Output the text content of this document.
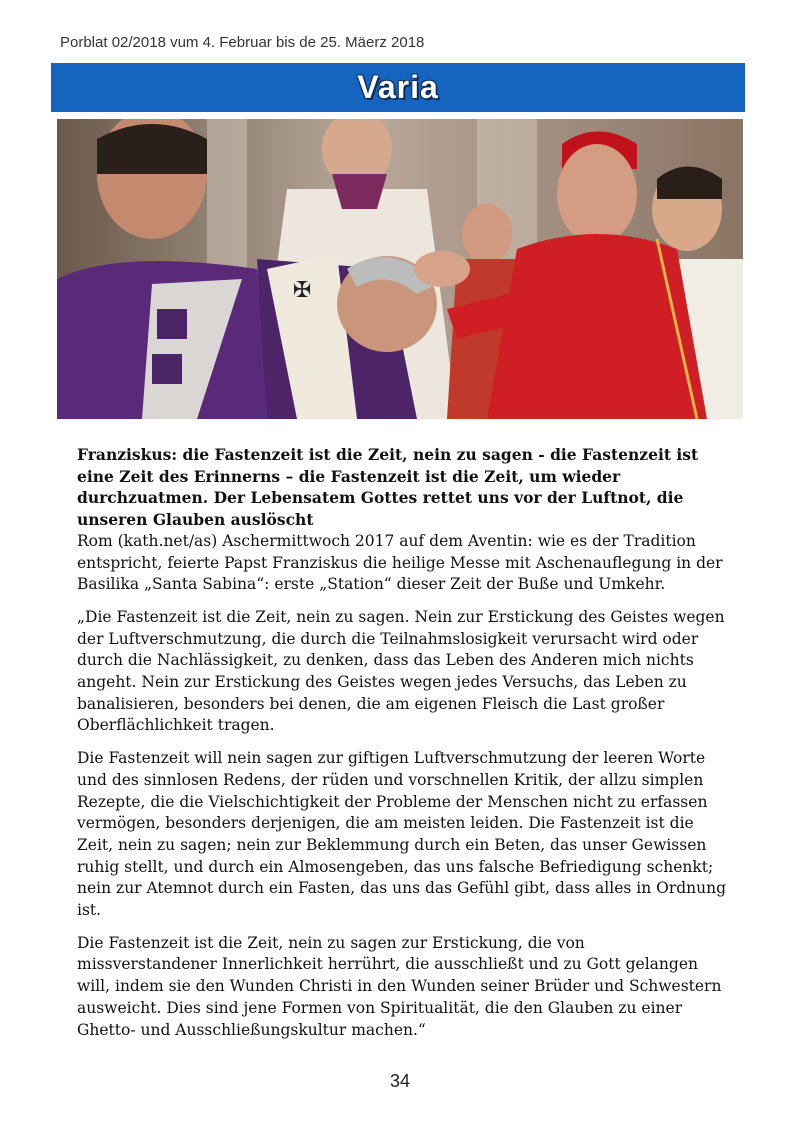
Porblat 02/2018 vum 4. Februar bis de 25. Mäerz 2018
Varia
✠

Franziskus: die Fastenzeit ist die Zeit, nein zu sagen - die Fastenzeit ist eine Zeit des Erinnerns – die Fastenzeit ist die Zeit, um wieder durchzuatmen. Der Lebensatem Gottes rettet uns vor der Luftnot, die unseren Glauben auslöscht

Rom (kath.net/as) Aschermittwoch 2017 auf dem Aventin: wie es der Tradition entspricht, feierte Papst Franziskus die heilige Messe mit Aschenauflegung in der Basilika „Santa Sabina“: erste „Station“ dieser Zeit der Buße und Umkehr.

„Die Fastenzeit ist die Zeit, nein zu sagen. Nein zur Erstickung des Geistes wegen der Luftverschmutzung, die durch die Teilnahmslosigkeit verursacht wird oder durch die Nachlässigkeit, zu denken, dass das Leben des Anderen mich nichts angeht. Nein zur Erstickung des Geistes wegen jedes Versuchs, das Leben zu banalisieren, besonders bei denen, die am eigenen Fleisch die Last großer Oberflächlichkeit tragen.

Die Fastenzeit will nein sagen zur giftigen Luftverschmutzung der leeren Worte und des sinnlosen Redens, der rüden und vorschnellen Kritik, der allzu simplen Rezepte, die die Vielschichtigkeit der Probleme der Menschen nicht zu erfassen vermögen, besonders derjenigen, die am meisten leiden. Die Fastenzeit ist die Zeit, nein zu sagen; nein zur Beklemmung durch ein Beten, das unser Gewissen ruhig stellt, und durch ein Almosengeben, das uns falsche Befriedigung schenkt; nein zur Atemnot durch ein Fasten, das uns das Gefühl gibt, dass alles in Ordnung ist.

Die Fastenzeit ist die Zeit, nein zu sagen zur Erstickung, die von missverstandener Innerlichkeit herrührt, die ausschließt und zu Gott gelangen will, indem sie den Wunden Christi in den Wunden seiner Brüder und Schwestern ausweicht. Dies sind jene Formen von Spiritualität, die den Glauben zu einer Ghetto- und Ausschließungskultur machen.“

34
